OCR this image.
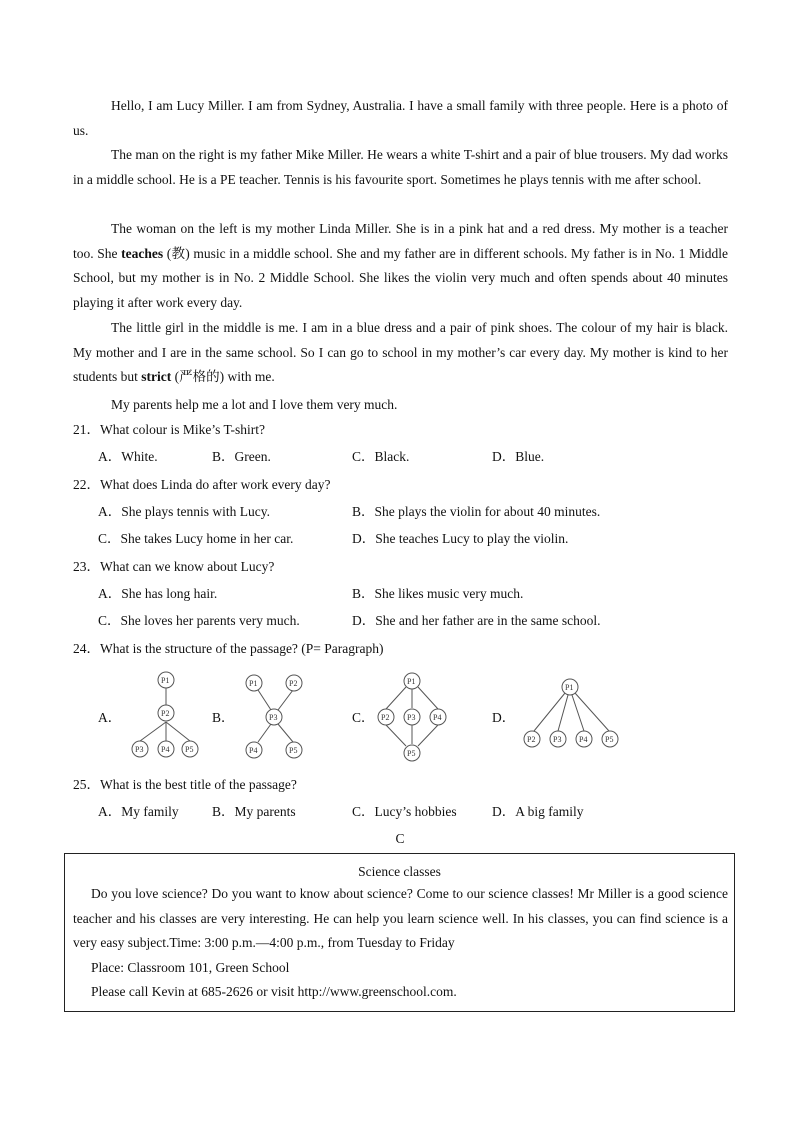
Hello, I am Lucy Miller. I am from Sydney, Australia. I have a small family with three people. Here is a photo of us.

The man on the right is my father Mike Miller. He wears a white T-shirt and a pair of blue trousers. My dad works in a middle school. He is a PE teacher. Tennis is his favourite sport. Sometimes he plays tennis with me after school.

The woman on the left is my mother Linda Miller. She is in a pink hat and a red dress. My mother is a teacher too. She teaches (教) music in a middle school. She and my father are in different schools. My father is in No. 1 Middle School, but my mother is in No. 2 Middle School. She likes the violin very much and often spends about 40 minutes playing it after work every day.

The little girl in the middle is me. I am in a blue dress and a pair of pink shoes. The colour of my hair is black. My mother and I are in the same school. So I can go to school in my mother’s car every day. My mother is kind to her students but strict (严格的) with me.

My parents help me a lot and I love them very much.

21．What colour is Mike’s T-shirt?

A．White.	B．Green.	C．Black.	D．Blue.

22．What does Linda do after work every day?

A．She plays tennis with Lucy.	B．She plays the violin for about 40 minutes.
C．She takes Lucy home in her car.	D．She teaches Lucy to play the violin.

23．What can we know about Lucy?

A．She has long hair.	B．She likes music very much.
C．She loves her parents very much.	D．She and her father are in the same school.

24．What is the structure of the passage? (P= Paragraph)

A．	B．	C．	D．
P1
P2
P3 P4 P5
P1	P2
P3
P4	P5
P1
P2 P3 P4
P5
P1
P2 P3 P4 P5

25．What is the best title of the passage?

A．My family B．My parents	C．Lucy’s hobbies	D．A big family
C
Science classes

Do you love science? Do you want to know about science? Come to our science classes! Mr Miller is a good science teacher and his classes are very interesting. He can help you learn science well. In his classes, you can find science is a very easy subject.Time: 3:00 p.m.—4:00 p.m., from Tuesday to Friday

Place: Classroom 101, Green School

Please call Kevin at 685-2626 or visit http://www.greenschool.com.
